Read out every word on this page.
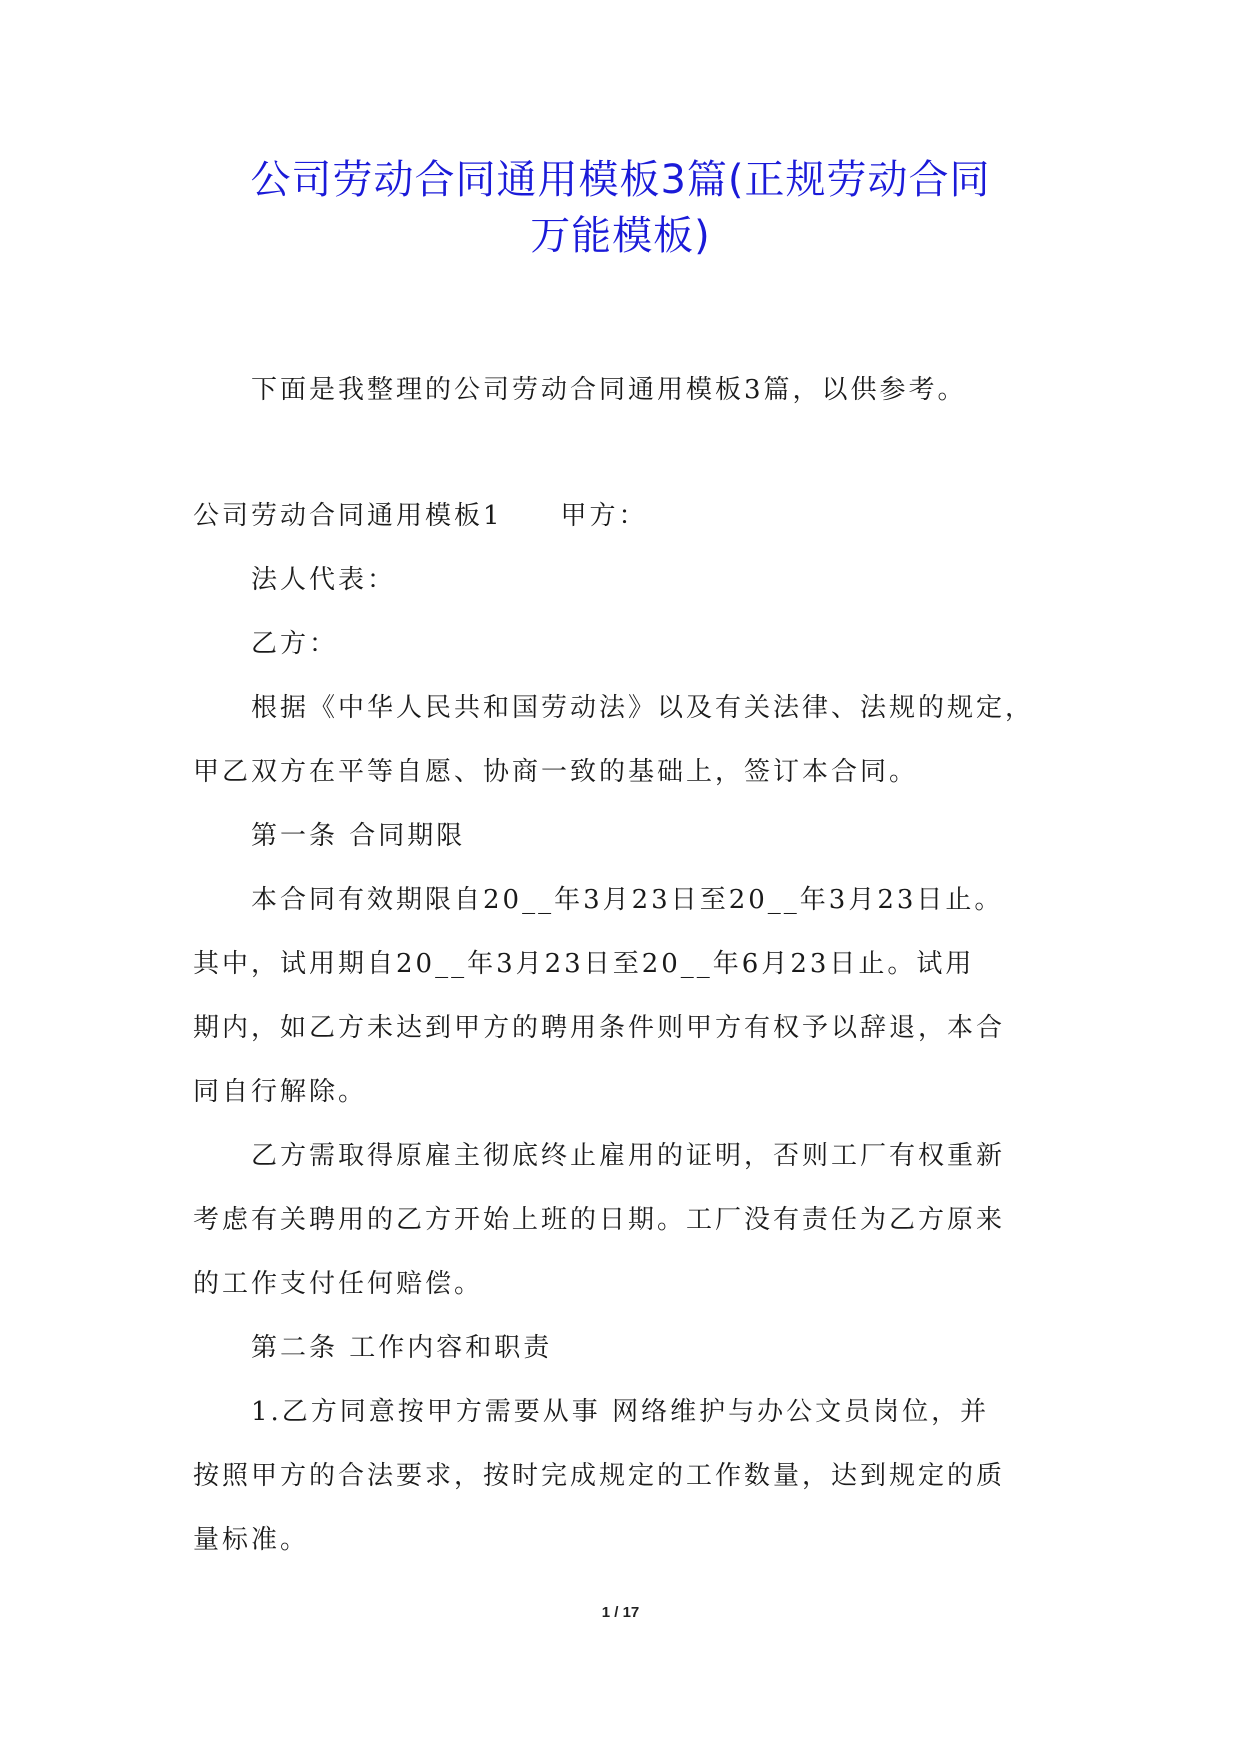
公司劳动合同通用模板3篇(正规劳动合同
万能模板)
下面是我整理的公司劳动合同通用模板3篇，以供参考。
公司劳动合同通用模板1　　甲方：
法人代表：
乙方：
根据《中华人民共和国劳动法》以及有关法律、法规的规定，
甲乙双方在平等自愿、协商一致的基础上，签订本合同。
第一条 合同期限
本合同有效期限自20__年3月23日至20__年3月23日止。
其中，试用期自20__年3月23日至20__年6月23日止。试用
期内，如乙方未达到甲方的聘用条件则甲方有权予以辞退，本合
同自行解除。
乙方需取得原雇主彻底终止雇用的证明，否则工厂有权重新
考虑有关聘用的乙方开始上班的日期。工厂没有责任为乙方原来
的工作支付任何赔偿。
第二条 工作内容和职责
1.乙方同意按甲方需要从事 网络维护与办公文员岗位，并
按照甲方的合法要求，按时完成规定的工作数量，达到规定的质
量标准。
1 / 17
